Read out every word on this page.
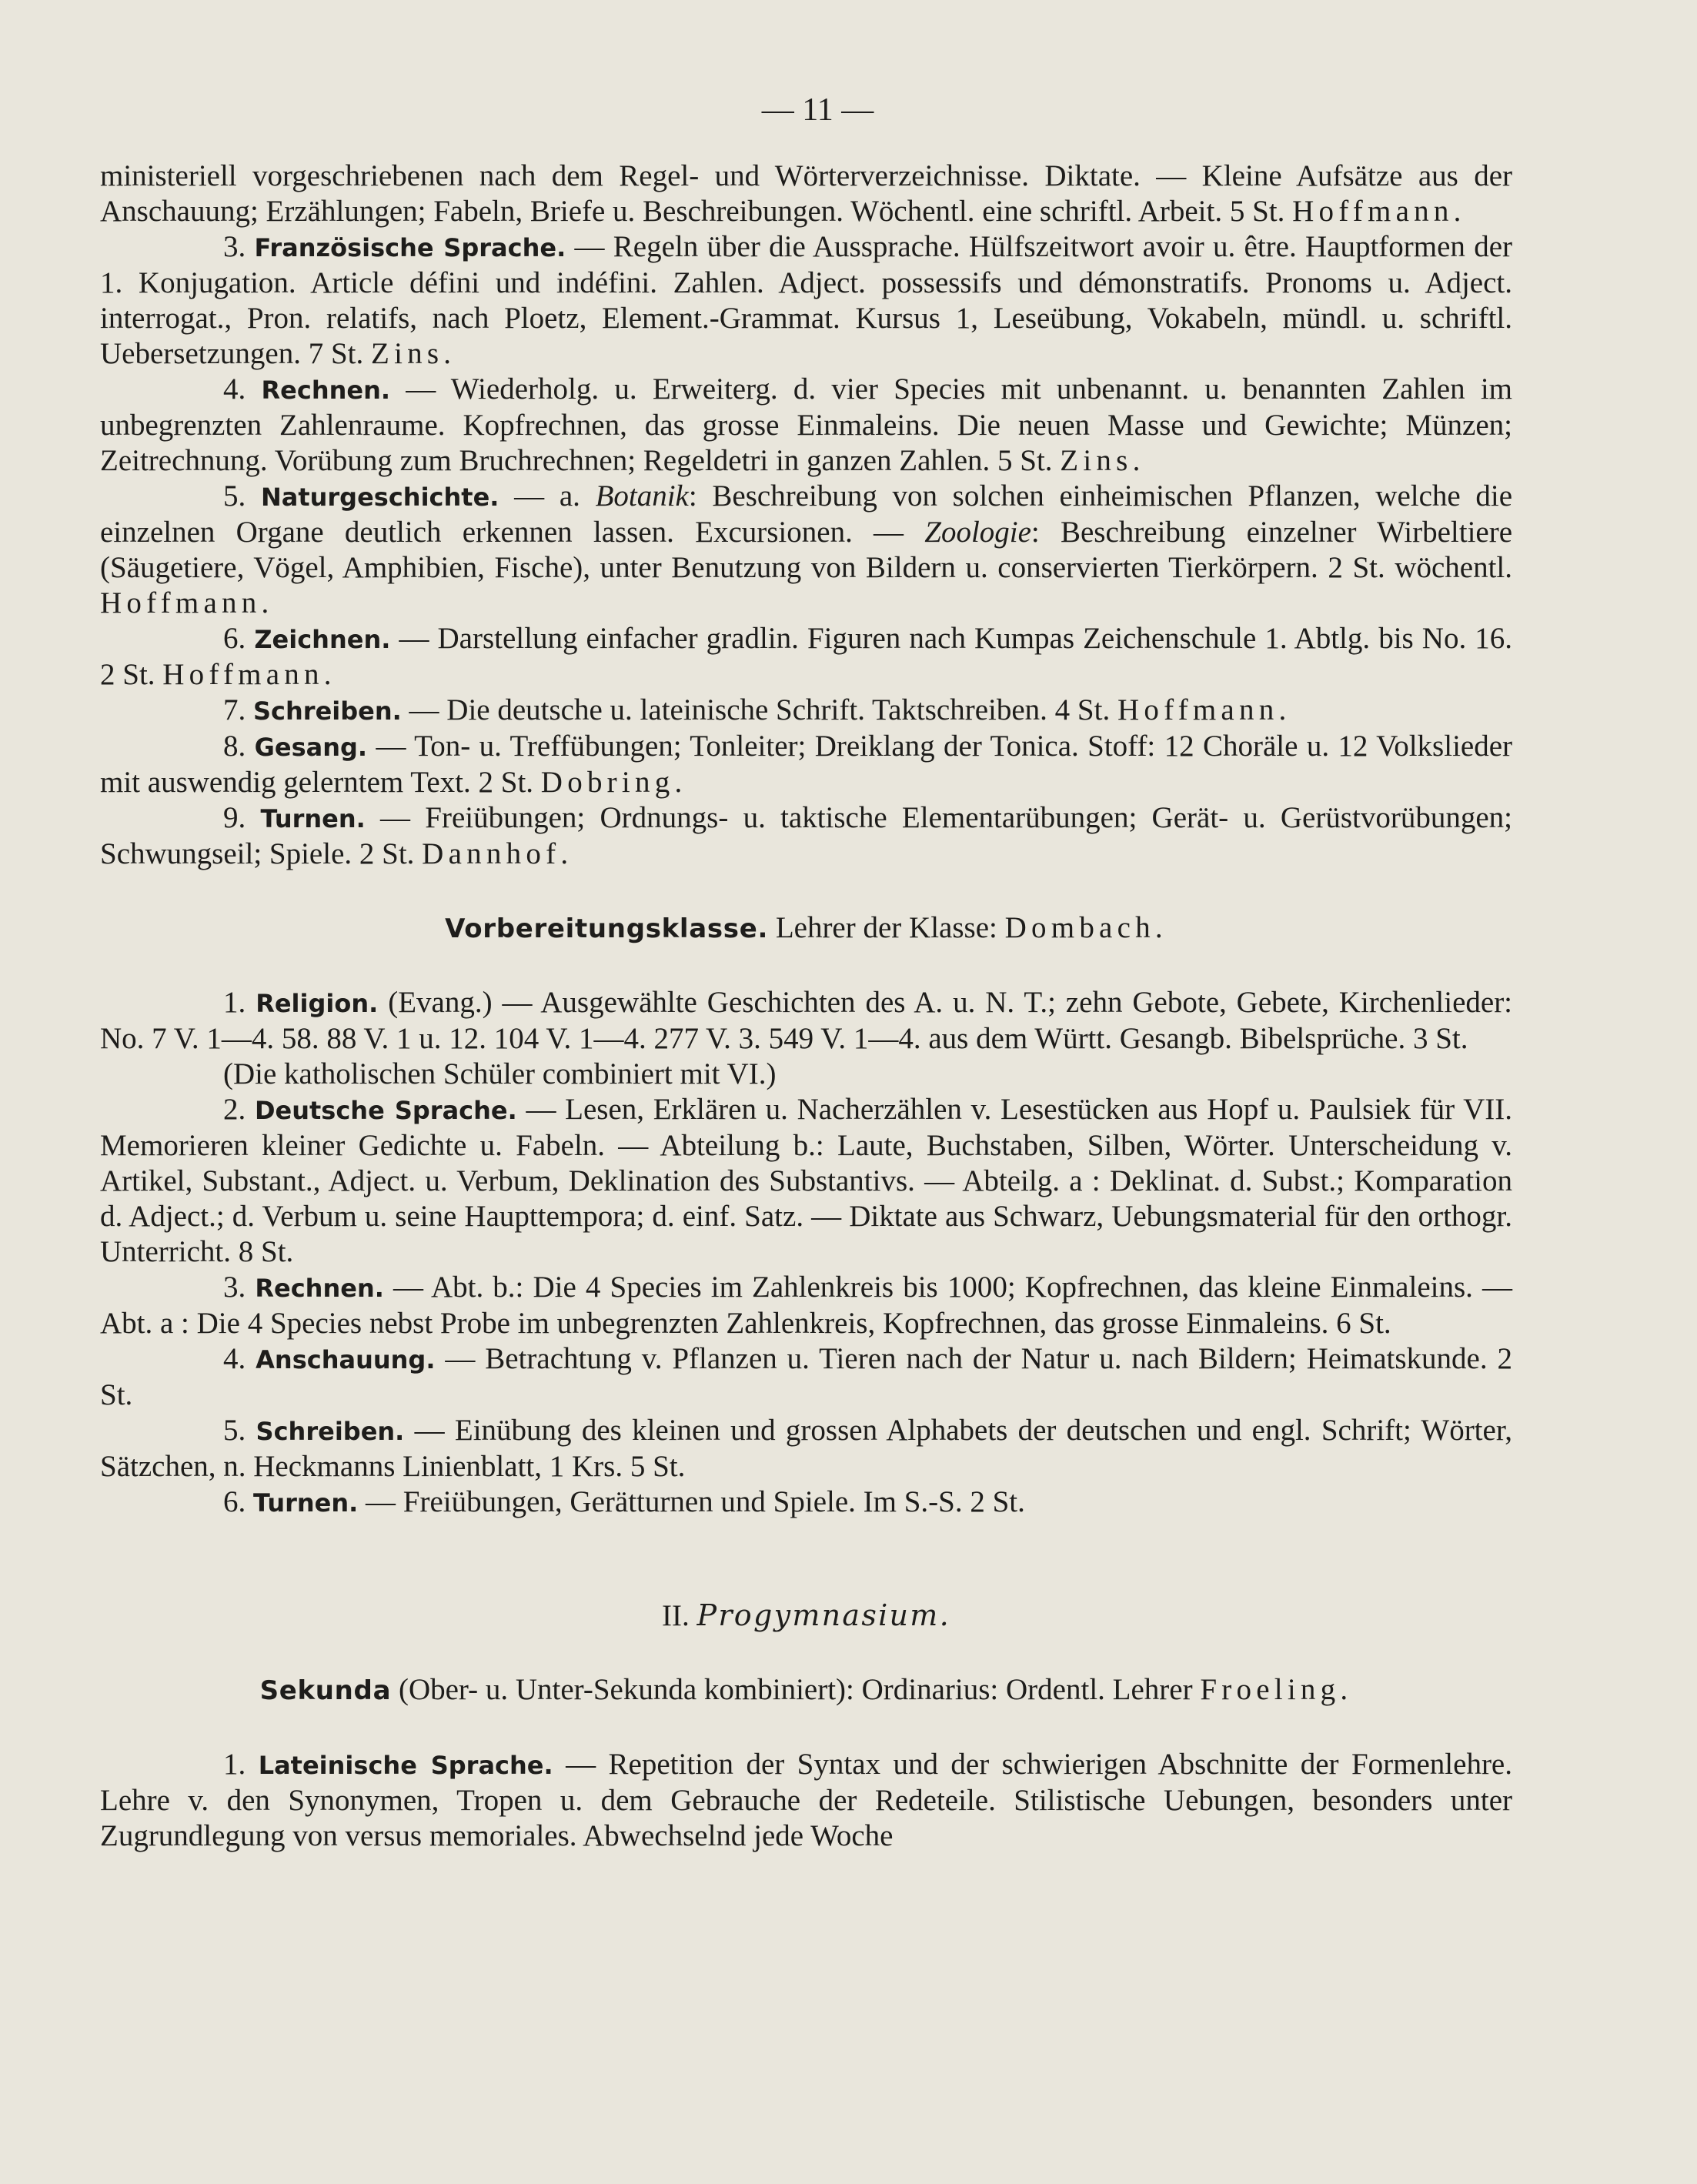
— 11 —

ministeriell vorgeschriebenen nach dem Regel- und Wörterverzeichnisse. Diktate. — Kleine Aufsätze aus der Anschauung; Erzählungen; Fabeln, Briefe u. Beschreibungen. Wöchentl. eine schriftl. Arbeit. 5 St. Hoffmann.

3. Französische Sprache. — Regeln über die Aussprache. Hülfszeitwort avoir u. être. Hauptformen der 1. Konjugation. Article défini und indéfini. Zahlen. Adject. possessifs und démonstratifs. Pronoms u. Adject. interrogat., Pron. relatifs, nach Ploetz, Element.-Grammat. Kursus 1, Leseübung, Vokabeln, mündl. u. schriftl. Uebersetzungen. 7 St. Zins.

4. Rechnen. — Wiederholg. u. Erweiterg. d. vier Species mit unbenannt. u. benannten Zahlen im unbegrenzten Zahlenraume. Kopfrechnen, das grosse Einmaleins. Die neuen Masse und Gewichte; Münzen; Zeitrechnung. Vorübung zum Bruchrechnen; Regeldetri in ganzen Zahlen. 5 St. Zins.

5. Naturgeschichte. — a. Botanik: Beschreibung von solchen einheimischen Pflanzen, welche die einzelnen Organe deutlich erkennen lassen. Excursionen. — Zoologie: Beschreibung einzelner Wirbeltiere (Säugetiere, Vögel, Amphibien, Fische), unter Benutzung von Bildern u. conservierten Tierkörpern. 2 St. wöchentl. Hoffmann.

6. Zeichnen. — Darstellung einfacher gradlin. Figuren nach Kumpas Zeichenschule 1. Abtlg. bis No. 16. 2 St. Hoffmann.

7. Schreiben. — Die deutsche u. lateinische Schrift. Taktschreiben. 4 St. Hoffmann.

8. Gesang. — Ton- u. Treffübungen; Tonleiter; Dreiklang der Tonica. Stoff: 12 Choräle u. 12 Volkslieder mit auswendig gelerntem Text. 2 St. Dobring.

9. Turnen. — Freiübungen; Ordnungs- u. taktische Elementarübungen; Gerät- u. Gerüstvorübungen; Schwungseil; Spiele. 2 St. Dannhof.

Vorbereitungsklasse. Lehrer der Klasse: Dombach.

1. Religion. (Evang.) — Ausgewählte Geschichten des A. u. N. T.; zehn Gebote, Gebete, Kirchenlieder: No. 7 V. 1—4. 58. 88 V. 1 u. 12. 104 V. 1—4. 277 V. 3. 549 V. 1—4. aus dem Württ. Gesangb. Bibelsprüche. 3 St.

(Die katholischen Schüler combiniert mit VI.)

2. Deutsche Sprache. — Lesen, Erklären u. Nacherzählen v. Lesestücken aus Hopf u. Paulsiek für VII. Memorieren kleiner Gedichte u. Fabeln. — Abteilung b.: Laute, Buchstaben, Silben, Wörter. Unterscheidung v. Artikel, Substant., Adject. u. Verbum, Deklination des Substantivs. — Abteilg. a : Deklinat. d. Subst.; Komparation d. Adject.; d. Verbum u. seine Haupttempora; d. einf. Satz. — Diktate aus Schwarz, Uebungsmaterial für den orthogr. Unterricht. 8 St.

3. Rechnen. — Abt. b.: Die 4 Species im Zahlenkreis bis 1000; Kopfrechnen, das kleine Einmaleins. — Abt. a : Die 4 Species nebst Probe im unbegrenzten Zahlenkreis, Kopfrechnen, das grosse Einmaleins. 6 St.

4. Anschauung. — Betrachtung v. Pflanzen u. Tieren nach der Natur u. nach Bildern; Heimatskunde. 2 St.

5. Schreiben. — Einübung des kleinen und grossen Alphabets der deutschen und engl. Schrift; Wörter, Sätzchen, n. Heckmanns Linienblatt, 1 Krs. 5 St.

6. Turnen. — Freiübungen, Gerätturnen und Spiele. Im S.-S. 2 St.

II. Progymnasium.

Sekunda (Ober- u. Unter-Sekunda kombiniert): Ordinarius: Ordentl. Lehrer Froeling.

1. Lateinische Sprache. — Repetition der Syntax und der schwierigen Abschnitte der Formenlehre. Lehre v. den Synonymen, Tropen u. dem Gebrauche der Redeteile. Stilistische Uebungen, besonders unter Zugrundlegung von versus memoriales. Abwechselnd jede Woche
